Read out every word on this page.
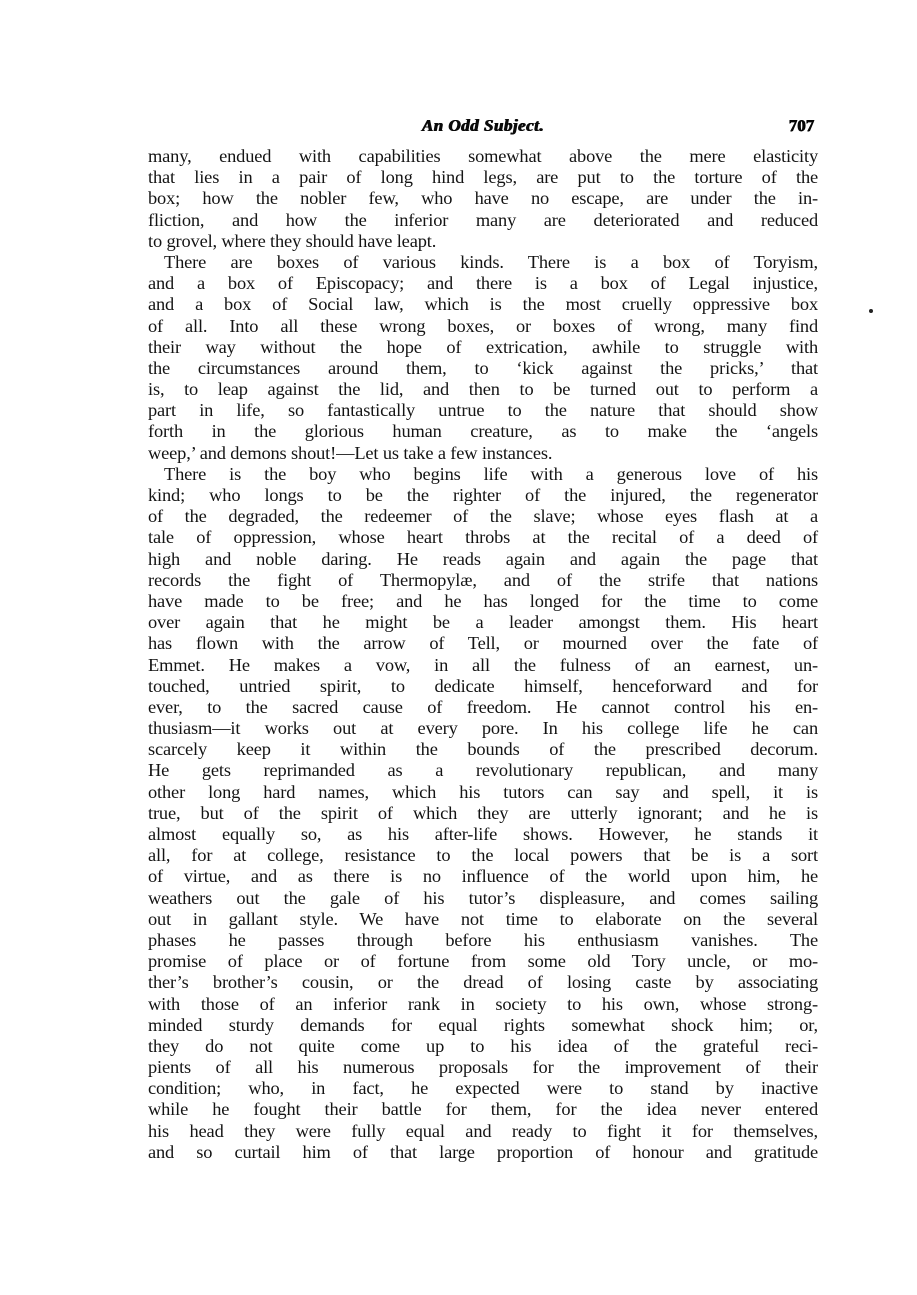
An Odd Subject.	707
many, endued with capabilities somewhat above the mere elasticity
that lies in a pair of long hind legs, are put to the torture of the
box; how the nobler few, who have no escape, are under the in-
fliction, and how the inferior many are deteriorated and reduced
to grovel, where they should have leapt.
There are boxes of various kinds. There is a box of Toryism,
and a box of Episcopacy; and there is a box of Legal injustice,
and a box of Social law, which is the most cruelly oppressive box
of all. Into all these wrong boxes, or boxes of wrong, many find
their way without the hope of extrication, awhile to struggle with
the circumstances around them, to ‘kick against the pricks,’ that
is, to leap against the lid, and then to be turned out to perform a
part in life, so fantastically untrue to the nature that should show
forth in the glorious human creature, as to make the ‘angels
weep,’ and demons shout!—Let us take a few instances.
There is the boy who begins life with a generous love of his
kind; who longs to be the righter of the injured, the regenerator
of the degraded, the redeemer of the slave; whose eyes flash at a
tale of oppression, whose heart throbs at the recital of a deed of
high and noble daring. He reads again and again the page that
records the fight of Thermopylæ, and of the strife that nations
have made to be free; and he has longed for the time to come
over again that he might be a leader amongst them. His heart
has flown with the arrow of Tell, or mourned over the fate of
Emmet. He makes a vow, in all the fulness of an earnest, un-
touched, untried spirit, to dedicate himself, henceforward and for
ever, to the sacred cause of freedom. He cannot control his en-
thusiasm—it works out at every pore. In his college life he can
scarcely keep it within the bounds of the prescribed decorum.
He gets reprimanded as a revolutionary republican, and many
other long hard names, which his tutors can say and spell, it is
true, but of the spirit of which they are utterly ignorant; and he is
almost equally so, as his after-life shows. However, he stands it
all, for at college, resistance to the local powers that be is a sort
of virtue, and as there is no influence of the world upon him, he
weathers out the gale of his tutor’s displeasure, and comes sailing
out in gallant style. We have not time to elaborate on the several
phases he passes through before his enthusiasm vanishes. The
promise of place or of fortune from some old Tory uncle, or mo-
ther’s brother’s cousin, or the dread of losing caste by associating
with those of an inferior rank in society to his own, whose strong-
minded sturdy demands for equal rights somewhat shock him; or,
they do not quite come up to his idea of the grateful reci-
pients of all his numerous proposals for the improvement of their
condition; who, in fact, he expected were to stand by inactive
while he fought their battle for them, for the idea never entered
his head they were fully equal and ready to fight it for themselves,
and so curtail him of that large proportion of honour and gratitude
